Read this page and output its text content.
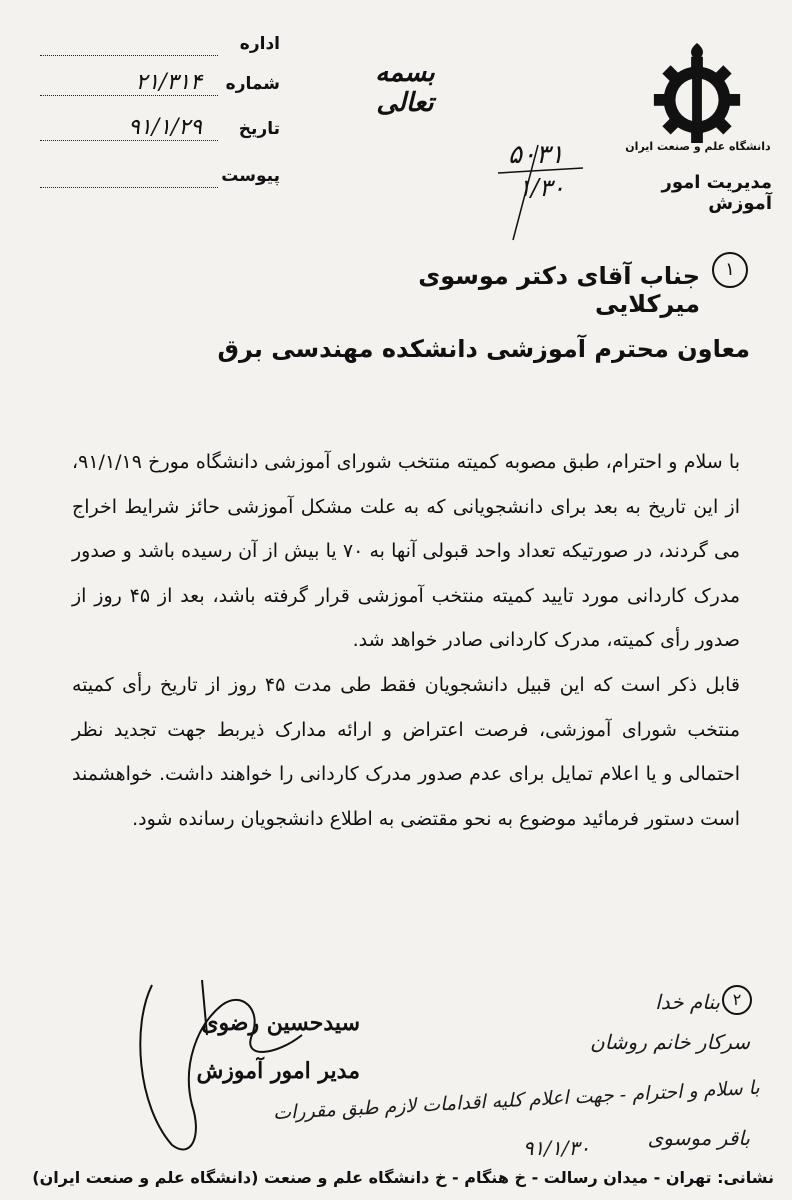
اداره
شماره
۲۱/۳۱۴
تاریخ
۹۱/۱/۲۹
پیوست
بسمه تعالی
دانشگاه علم و صنعت ایران
مدیریت امور آموزش
۵۰۳۱
۱/۳۰
۱
جناب آقای دکتر موسوی میرکلایی
معاون محترم آموزشی دانشکده مهندسی برق

با سلام و احترام، طبق مصوبه کمیته منتخب شورای آموزشی دانشگاه مورخ ۹۱/۱/۱۹، از این تاریخ به بعد برای دانشجویانی که به علت مشکل آموزشی حائز شرایط اخراج می گردند، در صورتیکه تعداد واحد قبولی آنها به ۷۰ یا بیش از آن رسیده باشد و صدور مدرک کاردانی مورد تایید کمیته منتخب آموزشی قرار گرفته باشد، بعد از ۴۵ روز از صدور رأی کمیته، مدرک کاردانی صادر خواهد شد.

قابل ذکر است که این قبیل دانشجویان فقط طی مدت ۴۵ روز از تاریخ رأی کمیته منتخب شورای آموزشی، فرصت اعتراض و ارائه مدارک ذیربط جهت تجدید نظر احتمالی و یا اعلام تمایل برای عدم صدور مدرک کاردانی را خواهند داشت. خواهشمند است دستور فرمائید موضوع به نحو مقتضی به اطلاع دانشجویان رسانده شود.

سیدحسین رضوی
مدیر امور آموزش
۲
بنام خدا
سرکار خانم روشان
با سلام و احترام - جهت اعلام کلیه اقدامات لازم طبق مقررات
۹۱/۱/۳۰	باقر موسوی
نشانی: تهران - میدان رسالت - خ هنگام - خ دانشگاه علم و صنعت (دانشگاه علم و صنعت ایران)
